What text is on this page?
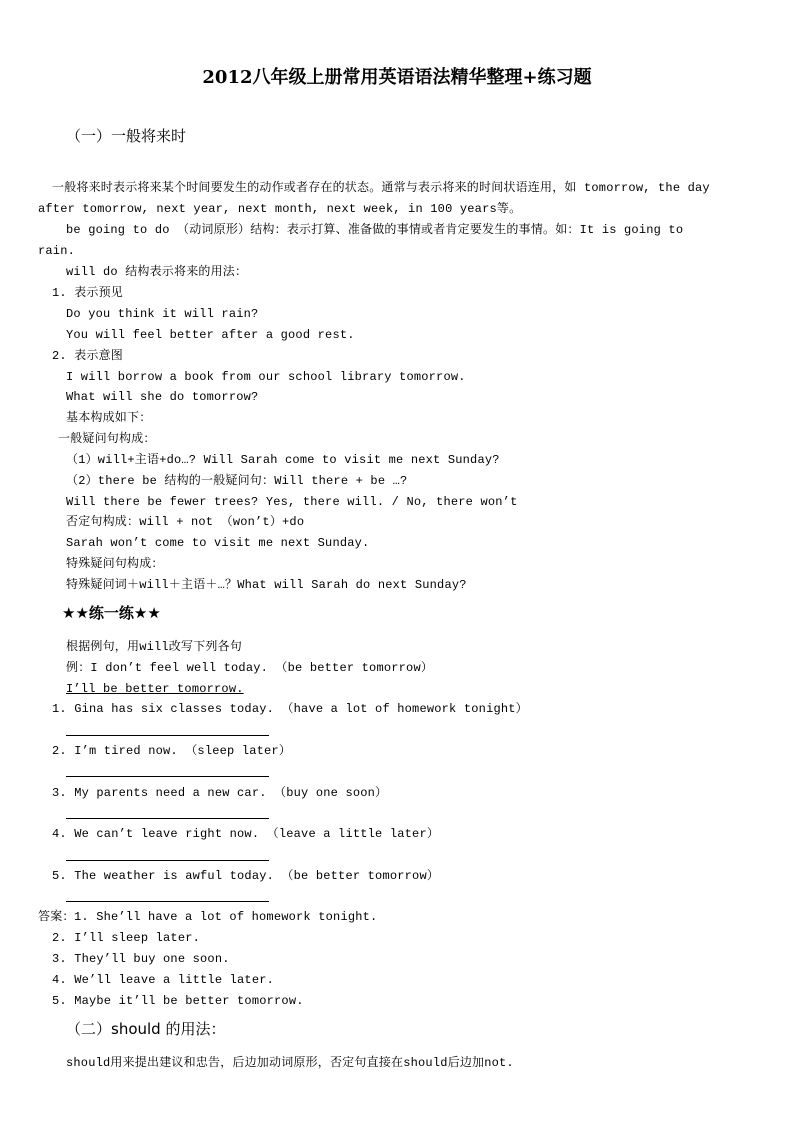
2012八年级上册常用英语语法精华整理+练习题
（一）一般将来时
一般将来时表示将来某个时间要发生的动作或者存在的状态。通常与表示将来的时间状语连用，如 tomorrow, the day
after tomorrow, next year, next month, next week, in 100 years等。
be going to do （动词原形）结构：表示打算、准备做的事情或者肯定要发生的事情。如：It is going to
rain.
will do 结构表示将来的用法：
1. 表示预见
Do you think it will rain?
You will feel better after a good rest.
2. 表示意图
I will borrow a book from our school library tomorrow.
What will she do tomorrow?
基本构成如下：
一般疑问句构成：
（1）will+主语+do…? Will Sarah come to visit me next Sunday?
（2）there be 结构的一般疑问句：Will there + be …?
Will there be fewer trees? Yes, there will. / No, there won’t
否定句构成：will + not （won’t）+do
Sarah won’t come to visit me next Sunday.
特殊疑问句构成：
特殊疑问词＋will＋主语＋…？What will Sarah do next Sunday?
★★练一练★★
根据例句，用will改写下列各句
例：I don’t feel well today. （be better tomorrow）
I’ll be better tomorrow.
1. Gina has six classes today. （have a lot of homework tonight）
2. I’m tired now. （sleep later）
3. My parents need a new car. （buy one soon）
4. We can’t leave right now. （leave a little later）
5. The weather is awful today. （be better tomorrow）
答案： 1. She’ll have a lot of homework tonight.
2. I’ll sleep later.
3. They’ll buy one soon.
4. We’ll leave a little later.
5. Maybe it’ll be better tomorrow.
（二）should 的用法：
should用来提出建议和忠告，后边加动词原形，否定句直接在should后边加not.
